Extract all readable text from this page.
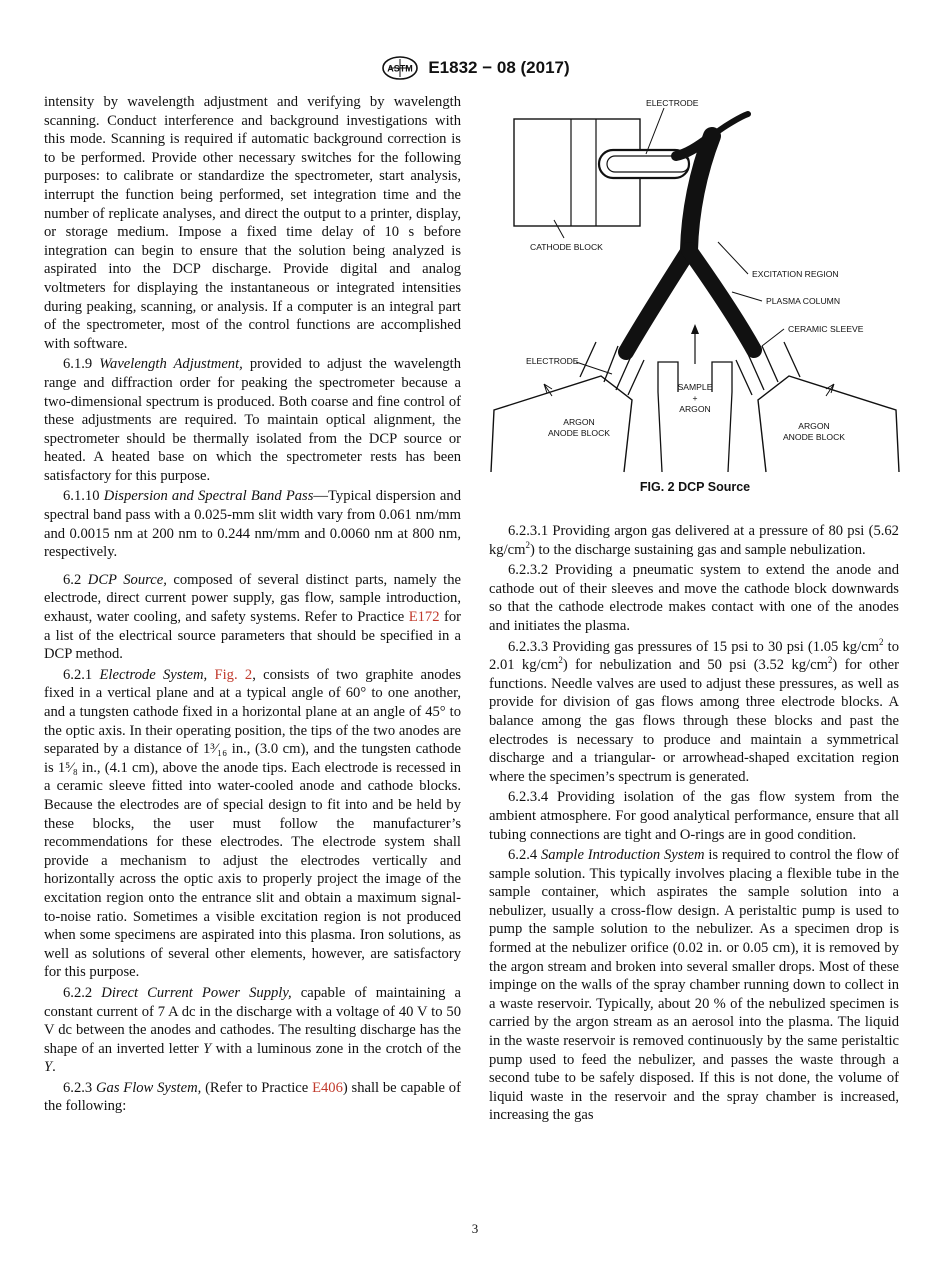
ASTM E1832 − 08 (2017)

intensity by wavelength adjustment and verifying by wavelength scanning. Conduct interference and background investigations with this mode. Scanning is required if automatic background correction is to be performed. Provide other necessary switches for the following purposes: to calibrate or standardize the spectrometer, start analysis, interrupt the function being performed, set integration time and the number of replicate analyses, and direct the output to a printer, display, or storage medium. Impose a fixed time delay of 10 s before integration can begin to ensure that the solution being analyzed is aspirated into the DCP discharge. Provide digital and analog voltmeters for displaying the instantaneous or integrated intensities during peaking, scanning, or analysis. If a computer is an integral part of the spectrometer, most of the control functions are accomplished with software.

6.1.9 Wavelength Adjustment, provided to adjust the wavelength range and diffraction order for peaking the spectrometer because a two-dimensional spectrum is produced. Both coarse and fine control of these adjustments are required. To maintain optical alignment, the spectrometer should be thermally isolated from the DCP source or heated. A heated base on which the spectrometer rests has been satisfactory for this purpose.

6.1.10 Dispersion and Spectral Band Pass—Typical dispersion and spectral band pass with a 0.025-mm slit width vary from 0.061 nm/mm and 0.0015 nm at 200 nm to 0.244 nm/mm and 0.0060 nm at 800 nm, respectively.

6.2 DCP Source, composed of several distinct parts, namely the electrode, direct current power supply, gas flow, sample introduction, exhaust, water cooling, and safety systems. Refer to Practice E172 for a list of the electrical source parameters that should be specified in a DCP method.

6.2.1 Electrode System, Fig. 2, consists of two graphite anodes fixed in a vertical plane and at a typical angle of 60° to one another, and a tungsten cathode fixed in a horizontal plane at an angle of 45° to the optic axis. In their operating position, the tips of the two anodes are separated by a distance of 1³⁄₁₆ in., (3.0 cm), and the tungsten cathode is 1⁵⁄₈ in., (4.1 cm), above the anode tips. Each electrode is recessed in a ceramic sleeve fitted into water-cooled anode and cathode blocks. Because the electrodes are of special design to fit into and be held by these blocks, the user must follow the manufacturer’s recommendations for these electrodes. The electrode system shall provide a mechanism to adjust the electrodes vertically and horizontally across the optic axis to properly project the image of the excitation region onto the entrance slit and obtain a maximum signal-to-noise ratio. Sometimes a visible excitation region is not produced when some specimens are aspirated into this plasma. Iron solutions, as well as solutions of several other elements, however, are satisfactory for this purpose.

6.2.2 Direct Current Power Supply, capable of maintaining a constant current of 7 A dc in the discharge with a voltage of 40 V to 50 V dc between the anodes and cathodes. The resulting discharge has the shape of an inverted letter Y with a luminous zone in the crotch of the Y.

6.2.3 Gas Flow System, (Refer to Practice E406) shall be capable of the following:

ELECTRODE
CATHODE BLOCK
EXCITATION REGION
PLASMA COLUMN
CERAMIC SLEEVE
ELECTRODE
SAMPLE
+
ARGON
ARGON
ANODE BLOCK
ARGON
ANODE BLOCK
FIG. 2 DCP Source

6.2.3.1 Providing argon gas delivered at a pressure of 80 psi (5.62 $kg/cm^2$) to the discharge sustaining gas and sample nebulization.

6.2.3.2 Providing a pneumatic system to extend the anode and cathode out of their sleeves and move the cathode block downwards so that the cathode electrode makes contact with one of the anodes and initiates the plasma.

6.2.3.3 Providing gas pressures of 15 psi to 30 psi (1.05 $kg/cm^2$ to 2.01 $kg/cm^2$) for nebulization and 50 psi (3.52 $kg/cm^2$) for other functions. Needle valves are used to adjust these pressures, as well as provide for division of gas flows among three electrode blocks. A balance among the gas flows through these blocks and past the electrodes is necessary to produce and maintain a symmetrical discharge and a triangular- or arrowhead-shaped excitation region where the specimen’s spectrum is generated.

6.2.3.4 Providing isolation of the gas flow system from the ambient atmosphere. For good analytical performance, ensure that all tubing connections are tight and O-rings are in good condition.

6.2.4 Sample Introduction System is required to control the flow of sample solution. This typically involves placing a flexible tube in the sample container, which aspirates the sample solution into a nebulizer, usually a cross-flow design. A peristaltic pump is used to pump the sample solution to the nebulizer. As a specimen drop is formed at the nebulizer orifice (0.02 in. or 0.05 cm), it is removed by the argon stream and broken into several smaller drops. Most of these impinge on the walls of the spray chamber running down to collect in a waste reservoir. Typically, about 20 % of the nebulized specimen is carried by the argon stream as an aerosol into the plasma. The liquid in the waste reservoir is removed continuously by the same peristaltic pump used to feed the nebulizer, and passes the waste through a second tube to be safely disposed. If this is not done, the volume of liquid waste in the reservoir and the spray chamber is increased, increasing the gas

3
